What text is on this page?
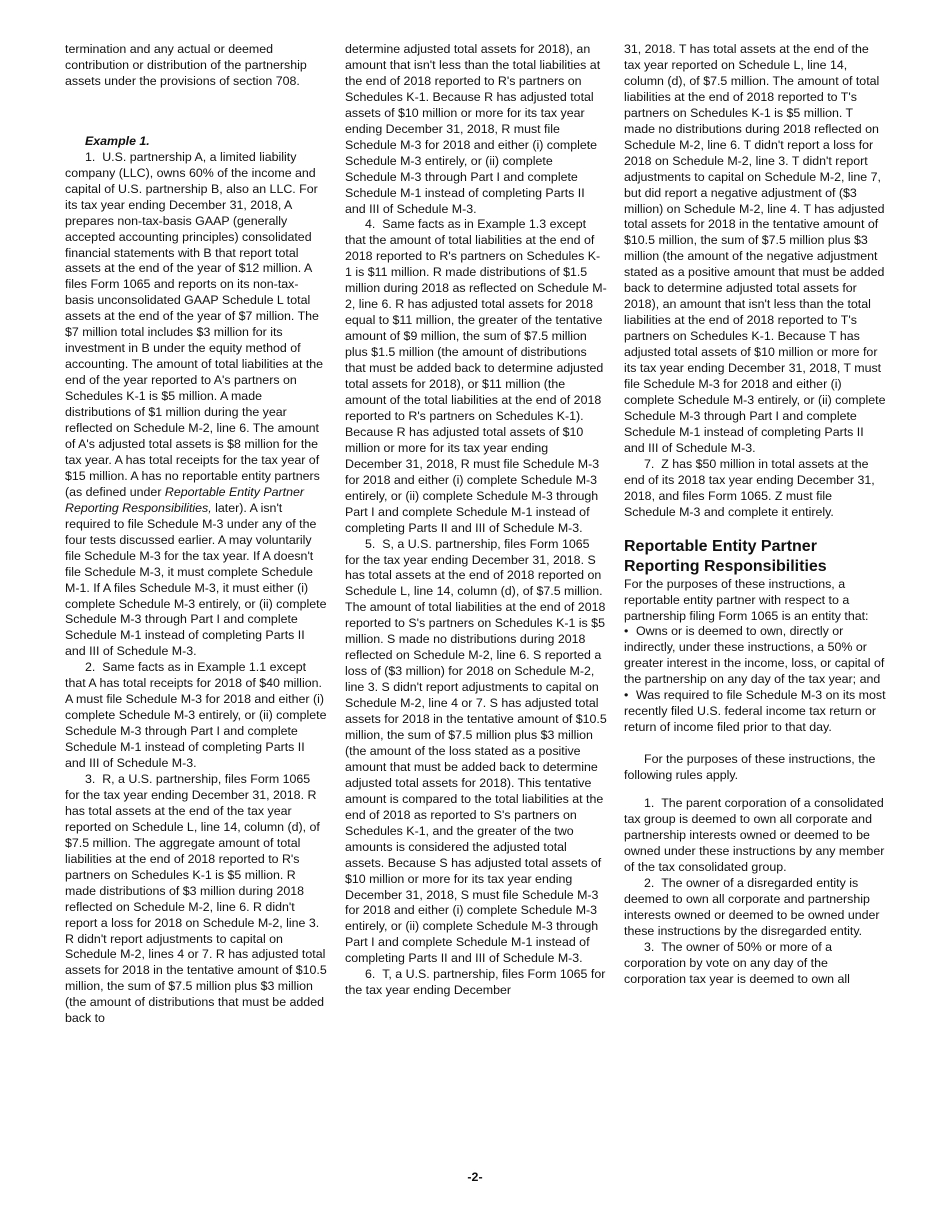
termination and any actual or deemed contribution or distribution of the partnership assets under the provisions of section 708.

Example 1.

1.  U.S. partnership A, a limited liability company (LLC), owns 60% of the income and capital of U.S. partnership B, also an LLC. For its tax year ending December 31, 2018, A prepares non-tax-basis GAAP (generally accepted accounting principles) consolidated financial statements with B that report total assets at the end of the year of $12 million. A files Form 1065 and reports on its non-tax-basis unconsolidated GAAP Schedule L total assets at the end of the year of $7 million. The $7 million total includes $3 million for its investment in B under the equity method of accounting. The amount of total liabilities at the end of the year reported to A's partners on Schedules K-1 is $5 million. A made distributions of $1 million during the year reflected on Schedule M-2, line 6. The amount of A's adjusted total assets is $8 million for the tax year. A has total receipts for the tax year of $15 million. A has no reportable entity partners (as defined under Reportable Entity Partner Reporting Responsibilities, later). A isn't required to file Schedule M-3 under any of the four tests discussed earlier. A may voluntarily file Schedule M-3 for the tax year. If A doesn't file Schedule M-3, it must complete Schedule M-1. If A files Schedule M-3, it must either (i) complete Schedule M-3 entirely, or (ii) complete Schedule M-3 through Part I and complete Schedule M-1 instead of completing Parts II and III of Schedule M-3.

2.  Same facts as in Example 1.1 except that A has total receipts for 2018 of $40 million. A must file Schedule M-3 for 2018 and either (i) complete Schedule M-3 entirely, or (ii) complete Schedule M-3 through Part I and complete Schedule M-1 instead of completing Parts II and III of Schedule M-3.

3.  R, a U.S. partnership, files Form 1065 for the tax year ending December 31, 2018. R has total assets at the end of the tax year reported on Schedule L, line 14, column (d), of $7.5 million. The aggregate amount of total liabilities at the end of 2018 reported to R's partners on Schedules K-1 is $5 million. R made distributions of $3 million during 2018 reflected on Schedule M-2, line 6. R didn't report a loss for 2018 on Schedule M-2, line 3. R didn't report adjustments to capital on Schedule M-2, lines 4 or 7. R has adjusted total assets for 2018 in the tentative amount of $10.5 million, the sum of $7.5 million plus $3 million (the amount of distributions that must be added back to

determine adjusted total assets for 2018), an amount that isn't less than the total liabilities at the end of 2018 reported to R's partners on Schedules K-1. Because R has adjusted total assets of $10 million or more for its tax year ending December 31, 2018, R must file Schedule M-3 for 2018 and either (i) complete Schedule M-3 entirely, or (ii) complete Schedule M-3 through Part I and complete Schedule M-1 instead of completing Parts II and III of Schedule M-3.

4.  Same facts as in Example 1.3 except that the amount of total liabilities at the end of 2018 reported to R's partners on Schedules K-1 is $11 million. R made distributions of $1.5 million during 2018 as reflected on Schedule M-2, line 6. R has adjusted total assets for 2018 equal to $11 million, the greater of the tentative amount of $9 million, the sum of $7.5 million plus $1.5 million (the amount of distributions that must be added back to determine adjusted total assets for 2018), or $11 million (the amount of the total liabilities at the end of 2018 reported to R's partners on Schedules K-1). Because R has adjusted total assets of $10 million or more for its tax year ending December 31, 2018, R must file Schedule M-3 for 2018 and either (i) complete Schedule M-3 entirely, or (ii) complete Schedule M-3 through Part I and complete Schedule M-1 instead of completing Parts II and III of Schedule M-3.

5.  S, a U.S. partnership, files Form 1065 for the tax year ending December 31, 2018. S has total assets at the end of 2018 reported on Schedule L, line 14, column (d), of $7.5 million. The amount of total liabilities at the end of 2018 reported to S's partners on Schedules K-1 is $5 million. S made no distributions during 2018 reflected on Schedule M-2, line 6. S reported a loss of ($3 million) for 2018 on Schedule M-2, line 3. S didn't report adjustments to capital on Schedule M-2, line 4 or 7. S has adjusted total assets for 2018 in the tentative amount of $10.5 million, the sum of $7.5 million plus $3 million (the amount of the loss stated as a positive amount that must be added back to determine adjusted total assets for 2018). This tentative amount is compared to the total liabilities at the end of 2018 as reported to S's partners on Schedules K-1, and the greater of the two amounts is considered the adjusted total assets. Because S has adjusted total assets of $10 million or more for its tax year ending December 31, 2018, S must file Schedule M-3 for 2018 and either (i) complete Schedule M-3 entirely, or (ii) complete Schedule M-3 through Part I and complete Schedule M-1 instead of completing Parts II and III of Schedule M-3.

6.  T, a U.S. partnership, files Form 1065 for the tax year ending December

31, 2018. T has total assets at the end of the tax year reported on Schedule L, line 14, column (d), of $7.5 million. The amount of total liabilities at the end of 2018 reported to T's partners on Schedules K-1 is $5 million. T made no distributions during 2018 reflected on Schedule M-2, line 6. T didn't report a loss for 2018 on Schedule M-2, line 3. T didn't report adjustments to capital on Schedule M-2, line 7, but did report a negative adjustment of ($3 million) on Schedule M-2, line 4. T has adjusted total assets for 2018 in the tentative amount of $10.5 million, the sum of $7.5 million plus $3 million (the amount of the negative adjustment stated as a positive amount that must be added back to determine adjusted total assets for 2018), an amount that isn't less than the total liabilities at the end of 2018 reported to T's partners on Schedules K-1. Because T has adjusted total assets of $10 million or more for its tax year ending December 31, 2018, T must file Schedule M-3 for 2018 and either (i) complete Schedule M-3 entirely, or (ii) complete Schedule M-3 through Part I and complete Schedule M-1 instead of completing Parts II and III of Schedule M-3.

7.  Z has $50 million in total assets at the end of its 2018 tax year ending December 31, 2018, and files Form 1065. Z must file Schedule M-3 and complete it entirely.

Reportable Entity Partner Reporting Responsibilities

For the purposes of these instructions, a reportable entity partner with respect to a partnership filing Form 1065 is an entity that:

• Owns or is deemed to own, directly or indirectly, under these instructions, a 50% or greater interest in the income, loss, or capital of the partnership on any day of the tax year; and

• Was required to file Schedule M-3 on its most recently filed U.S. federal income tax return or return of income filed prior to that day.

For the purposes of these instructions, the following rules apply.

1.  The parent corporation of a consolidated tax group is deemed to own all corporate and partnership interests owned or deemed to be owned under these instructions by any member of the tax consolidated group.

2.  The owner of a disregarded entity is deemed to own all corporate and partnership interests owned or deemed to be owned under these instructions by the disregarded entity.

3.  The owner of 50% or more of a corporation by vote on any day of the corporation tax year is deemed to own all

-2-
